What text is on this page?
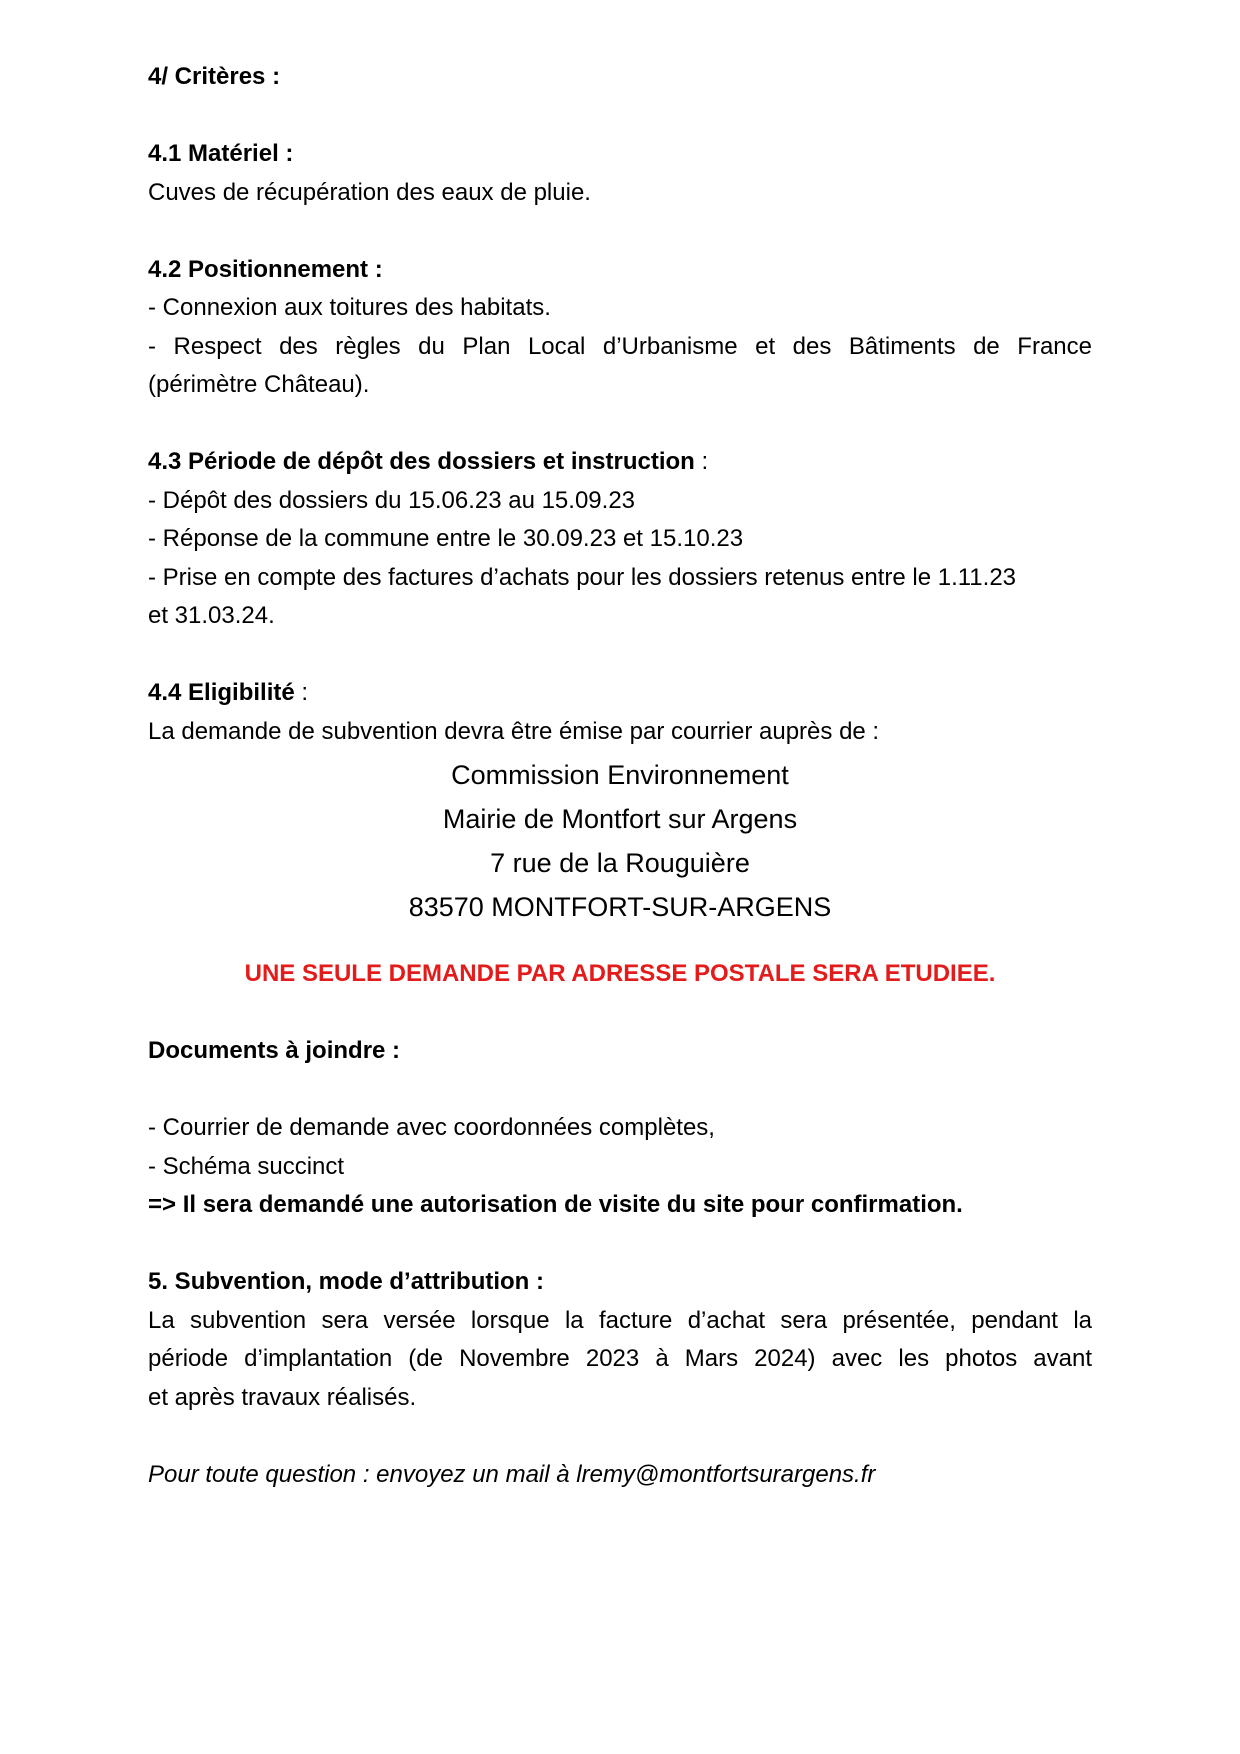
4/ Critères :
4.1 Matériel :
Cuves de récupération des eaux de pluie.
4.2 Positionnement :
- Connexion aux toitures des habitats.
- Respect des règles du Plan Local d’Urbanisme et des Bâtiments de France
(périmètre Château).
4.3 Période de dépôt des dossiers et instruction :
- Dépôt des dossiers du 15.06.23 au 15.09.23
- Réponse de la commune entre le 30.09.23 et 15.10.23
- Prise en compte des factures d’achats pour les dossiers retenus entre le 1.11.23
et 31.03.24.
4.4 Eligibilité :
La demande de subvention devra être émise par courrier auprès de :
Commission Environnement
Mairie de Montfort sur Argens
7 rue de la Rouguière
83570 MONTFORT-SUR-ARGENS
UNE SEULE DEMANDE PAR ADRESSE POSTALE SERA ETUDIEE.
Documents à joindre :
- Courrier de demande avec coordonnées complètes,
- Schéma succinct
=> Il sera demandé une autorisation de visite du site pour confirmation.
5. Subvention, mode d’attribution :
La subvention sera versée lorsque la facture d’achat sera présentée, pendant la
période d’implantation (de Novembre 2023 à Mars 2024) avec les photos avant
et après travaux réalisés.
Pour toute question : envoyez un mail à lremy@montfortsurargens.fr
